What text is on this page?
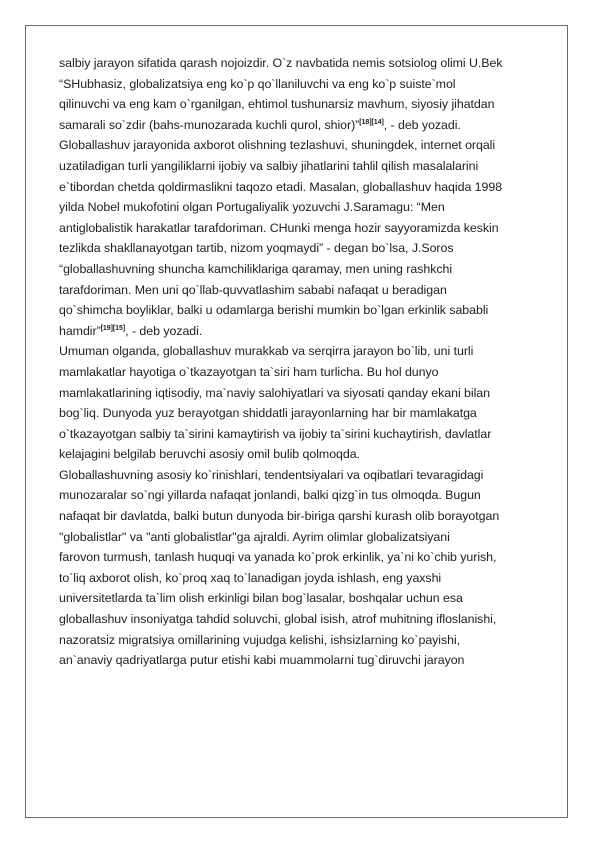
salbiy jarayon sifatida qarash nojoizdir. O`z navbatida nemis sotsiolog olimi U.Bek
“SHubhasiz, globalizatsiya eng ko`p qo`llaniluvchi va eng ko`p suiste`mol
qilinuvchi va eng kam o`rganilgan, ehtimol tushunarsiz mavhum, siyosiy jihatdan
samarali so`zdir (bahs-munozarada kuchli qurol, shior)”[18][14], - deb yozadi.
Globallashuv jarayonida axborot olishning tezlashuvi, shuningdek, internet orqali
uzatiladigan turli yangiliklarni ijobiy va salbiy jihatlarini tahlil qilish masalalarini
e`tibordan chetda qoldirmaslikni taqozo etadi. Masalan, globallashuv haqida 1998
yilda Nobel mukofotini olgan Portugaliyalik yozuvchi J.Saramagu: “Men
antiglobalistik harakatlar tarafdoriman. CHunki menga hozir sayyoramizda keskin
tezlikda shakllanayotgan tartib, nizom yoqmaydi” - degan bo`lsa, J.Soros
“globallashuvning shuncha kamchiliklariga qaramay, men uning rashkchi
tarafdoriman. Men uni qo`llab-quvvatlashim sababi nafaqat u beradigan
qo`shimcha boyliklar, balki u odamlarga berishi mumkin bo`lgan erkinlik sababli
hamdir”[19][15], - deb yozadi.
Umuman olganda, globallashuv murakkab va serqirra jarayon bo`lib, uni turli
mamlakatlar hayotiga o`tkazayotgan ta`siri ham turlicha. Bu hol dunyo
mamlakatlarining iqtisodiy, ma`naviy salohiyatlari va siyosati qanday ekani bilan
bog`liq. Dunyoda yuz berayotgan shiddatli jarayonlarning har bir mamlakatga
o`tkazayotgan salbiy ta`sirini kamaytirish va ijobiy ta`sirini kuchaytirish, davlatlar
kelajagini belgilab beruvchi asosiy omil bulib qolmoqda.
Globallashuvning asosiy ko`rinishlari, tendentsiyalari va oqibatlari tevaragidagi
munozaralar so`ngi yillarda nafaqat jonlandi, balki qizg`in tus olmoqda. Bugun
nafaqat bir davlatda, balki butun dunyoda bir-biriga qarshi kurash olib borayotgan
"globalistlar" va "anti globalistlar"ga ajraldi. Ayrim olimlar globalizatsiyani
farovon turmush, tanlash huquqi va yanada ko`prok erkinlik, ya`ni ko`chib yurish,
to`liq axborot olish, ko`proq xaq to`lanadigan joyda ishlash, eng yaxshi
universitetlarda ta`lim olish erkinligi bilan bog`lasalar, boshqalar uchun esa
globallashuv insoniyatga tahdid soluvchi, global isish, atrof muhitning ifloslanishi,
nazoratsiz migratsiya omillarining vujudga kelishi, ishsizlarning ko`payishi,
an`anaviy qadriyatlarga putur etishi kabi muammolarni tug`diruvchi jarayon
